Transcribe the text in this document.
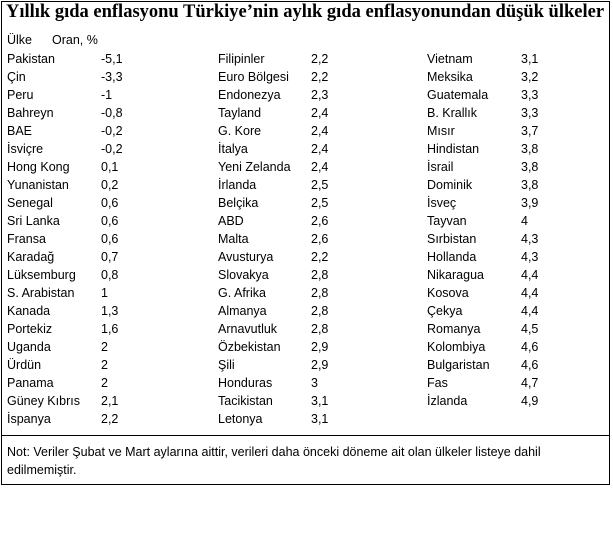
Yıllık gıda enflasyonu Türkiye’nin aylık gıda enflasyonundan düşük ülkeler
Ülke Oran, %
Pakistan	-5,1
Çin	-3,3
Peru	-1
Bahreyn	-0,8
BAE	-0,2
İsviçre	-0,2
Hong Kong	0,1
Yunanistan	0,2
Senegal	0,6
Sri Lanka	0,6
Fransa	0,6
Karadağ	0,7
Lüksemburg 0,8
S. Arabistan 1
Kanada	1,3
Portekiz	1,6
Uganda	2
Ürdün	2
Panama	2
Güney Kıbrıs 2,1
İspanya	2,2
Filipinler	2,2
Euro Bölgesi 2,2
Endonezya 2,3
Tayland	2,4
G. Kore	2,4
İtalya	2,4
Yeni Zelanda 2,4
İrlanda	2,5
Belçika	2,5
ABD	2,6
Malta	2,6
Avusturya	2,2
Slovakya	2,8
G. Afrika	2,8
Almanya	2,8
Arnavutluk	2,8
Özbekistan 2,9
Şili	2,9
Honduras	3
Tacikistan	3,1
Letonya	3,1
Vietnam	3,1
Meksika	3,2
Guatemala	3,3
B. Krallık	3,3
Mısır	3,7
Hindistan	3,8
İsrail	3,8
Dominik	3,8
İsveç	3,9
Tayvan	4
Sırbistan	4,3
Hollanda	4,3
Nikaragua	4,4
Kosova	4,4
Çekya	4,4
Romanya	4,5
Kolombiya	4,6
Bulgaristan	4,6
Fas	4,7
İzlanda	4,9
Not: Veriler Şubat ve Mart aylarına aittir, verileri daha önceki döneme ait olan ülkeler listeye dahil edilmemiştir.
